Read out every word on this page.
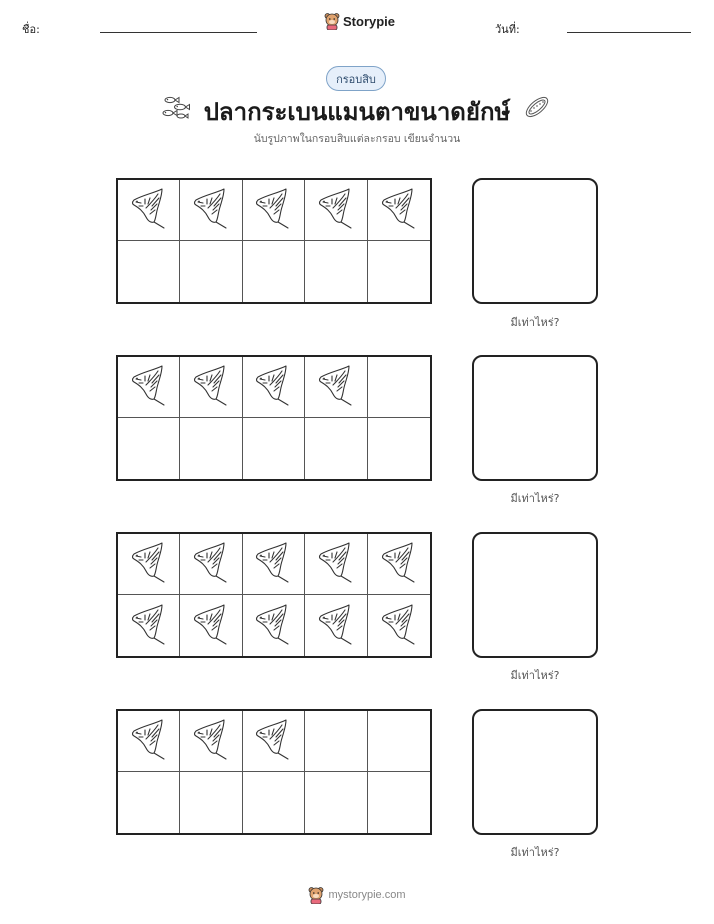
ชื่อ:
Storypie
วันที่:
กรอบสิบ
ปลากระเบนแมนตาขนาดยักษ์
นับรูปภาพในกรอบสิบแต่ละกรอบ เขียนจำนวน
มีเท่าไหร่?
มีเท่าไหร่?
มีเท่าไหร่?
มีเท่าไหร่?
mystorypie.com
